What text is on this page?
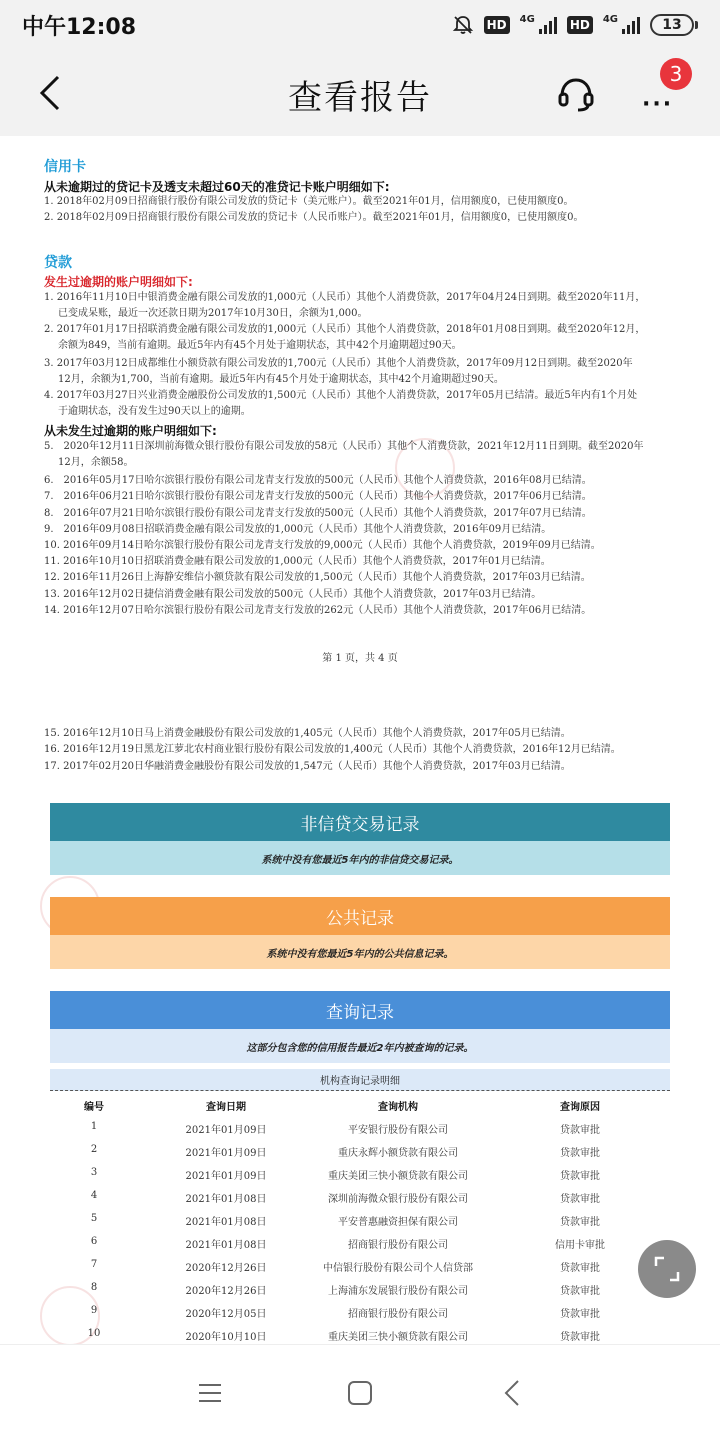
中午12:08	HD	4G	HD	4G	13
查看报告	···
3
信用卡
从未逾期过的贷记卡及透支未超过60天的准贷记卡账户明细如下:
1. 2018年02月09日招商银行股份有限公司发放的贷记卡（美元账户）。截至2021年01月，信用额度0，已使用额度0。
2. 2018年02月09日招商银行股份有限公司发放的贷记卡（人民币账户）。截至2021年01月，信用额度0，已使用额度0。
贷款
发生过逾期的账户明细如下:
1. 2016年11月10日中银消费金融有限公司发放的1,000元（人民币）其他个人消费贷款，2017年04月24日到期。截至2020年11月，
已变成呆账，最近一次还款日期为2017年10月30日，余额为1,000。
2. 2017年01月17日招联消费金融有限公司发放的1,000元（人民币）其他个人消费贷款，2018年01月08日到期。截至2020年12月，
余额为849，当前有逾期。最近5年内有45个月处于逾期状态，其中42个月逾期超过90天。
3. 2017年03月12日成都维仕小额贷款有限公司发放的1,700元（人民币）其他个人消费贷款，2017年09月12日到期。截至2020年
12月，余额为1,700，当前有逾期。最近5年内有45个月处于逾期状态，其中42个月逾期超过90天。
4. 2017年03月27日兴业消费金融股份公司发放的1,500元（人民币）其他个人消费贷款，2017年05月已结清。最近5年内有1个月处
于逾期状态，没有发生过90天以上的逾期。
从未发生过逾期的账户明细如下:
5.　2020年12月11日深圳前海微众银行股份有限公司发放的58元（人民币）其他个人消费贷款，2021年12月11日到期。截至2020年
12月，余额58。
6.　2016年05月17日哈尔滨银行股份有限公司龙青支行发放的500元（人民币）其他个人消费贷款，2016年08月已结清。
7.　2016年06月21日哈尔滨银行股份有限公司龙青支行发放的500元（人民币）其他个人消费贷款，2017年06月已结清。
8.　2016年07月21日哈尔滨银行股份有限公司龙青支行发放的500元（人民币）其他个人消费贷款，2017年07月已结清。
9.　2016年09月08日招联消费金融有限公司发放的1,000元（人民币）其他个人消费贷款，2016年09月已结清。
10. 2016年09月14日哈尔滨银行股份有限公司龙青支行发放的9,000元（人民币）其他个人消费贷款，2019年09月已结清。
11. 2016年10月10日招联消费金融有限公司发放的1,000元（人民币）其他个人消费贷款，2017年01月已结清。
12. 2016年11月26日上海静安维信小额贷款有限公司发放的1,500元（人民币）其他个人消费贷款，2017年03月已结清。
13. 2016年12月02日捷信消费金融有限公司发放的500元（人民币）其他个人消费贷款，2017年03月已结清。
14. 2016年12月07日哈尔滨银行股份有限公司龙青支行发放的262元（人民币）其他个人消费贷款，2017年06月已结清。
第 1 页，共 4 页
15. 2016年12月10日马上消费金融股份有限公司发放的1,405元（人民币）其他个人消费贷款，2017年05月已结清。
16. 2016年12月19日黑龙江萝北农村商业银行股份有限公司发放的1,400元（人民币）其他个人消费贷款，2016年12月已结清。
17. 2017年02月20日华融消费金融股份有限公司发放的1,547元（人民币）其他个人消费贷款，2017年03月已结清。
非信贷交易记录
系统中没有您最近5年内的非信贷交易记录。
公共记录
系统中没有您最近5年内的公共信息记录。
查询记录
这部分包含您的信用报告最近2年内被查询的记录。
机构查询记录明细
编号	查询日期	查询机构	查询原因
1	2021年01月09日	平安银行股份有限公司	贷款审批
2	2021年01月09日	重庆永辉小额贷款有限公司	贷款审批
3	2021年01月09日	重庆美团三快小额贷款有限公司	贷款审批
4	2021年01月08日	深圳前海微众银行股份有限公司	贷款审批
5	2021年01月08日	平安普惠融资担保有限公司	贷款审批
6	2021年01月08日	招商银行股份有限公司	信用卡审批
7	2020年12月26日	中信银行股份有限公司个人信贷部	贷款审批
8	2020年12月26日	上海浦东发展银行股份有限公司	贷款审批
9	2020年12月05日	招商银行股份有限公司	贷款审批
10	2020年10月10日	重庆美团三快小额贷款有限公司	贷款审批
